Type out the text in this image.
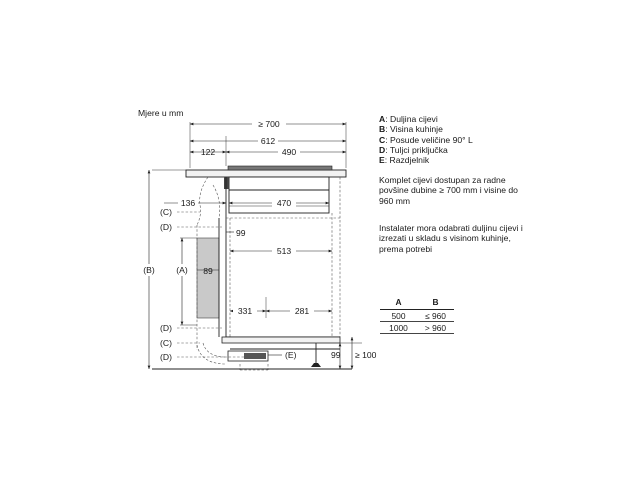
≥ 700
612
122	490
136	470
99
513
89
331	281
99 ≥ 100
(B)	(A)
(C)
(D)
(D)
(C)
(D)	(E)
Mjere u mm
A: Duljina cijevi
B: Visina kuhinje
C: Posude veličine 90° L
D: Tuljci priključka
E: Razdjelnik
Komplet cijevi dostupan za radne povšine dubine ≥ 700 mm i visine do 960 mm
Instalater mora odabrati duljinu cijevi i izrezati u skladu s visinom kuhinje, prema potrebi
A	B
500	≤ 960
1000	> 960
